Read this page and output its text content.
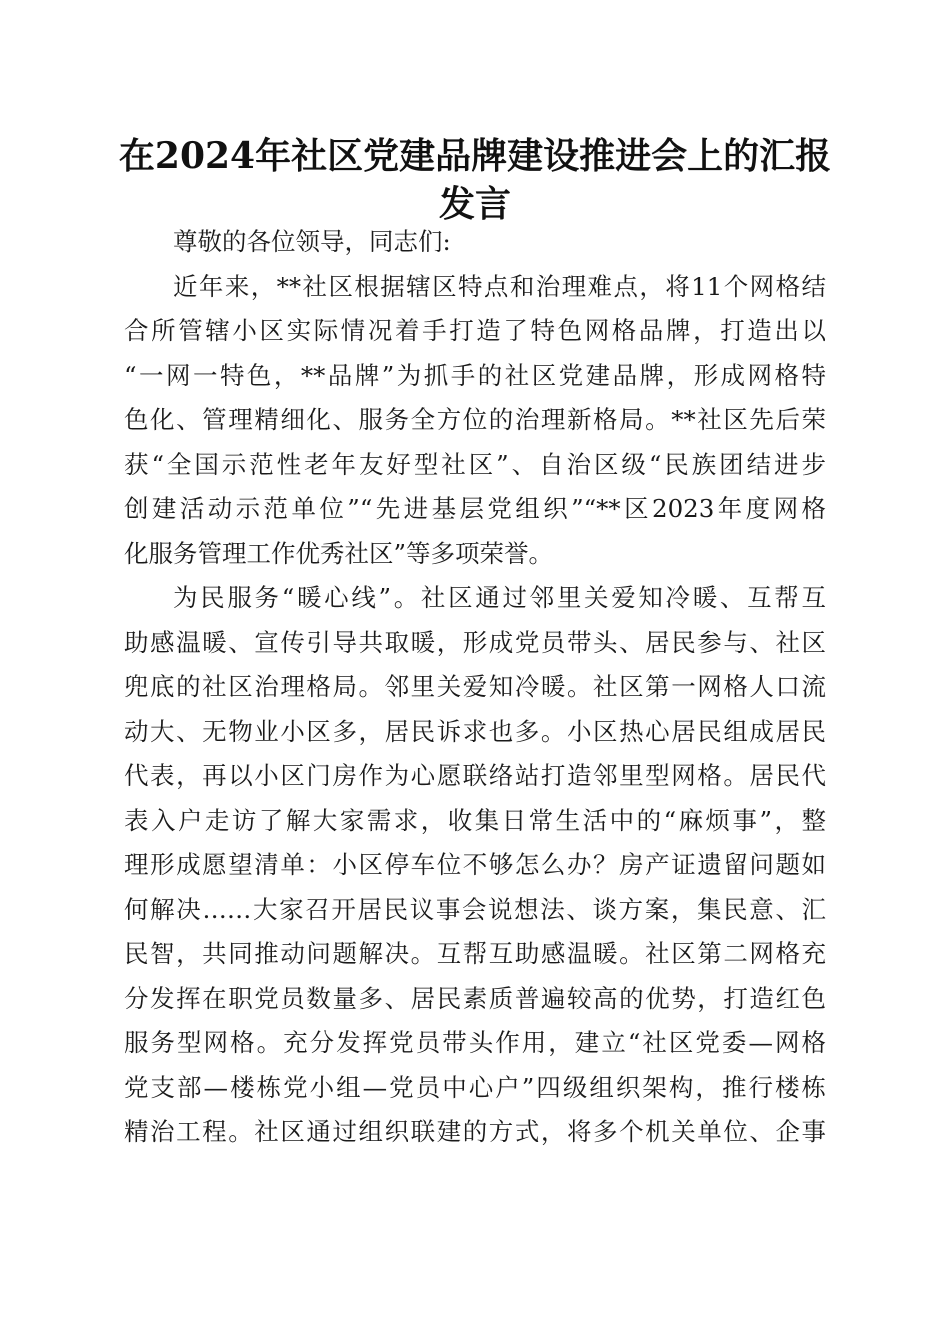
在2024年社区党建品牌建设推进会上的汇报
发言
尊敬的各位领导，同志们:
近年来，**社区根据辖区特点和治理难点，将11个网格结
合所管辖小区实际情况着手打造了特色网格品牌，打造出以
“一网一特色，**品牌”为抓手的社区党建品牌，形成网格特
色化、管理精细化、服务全方位的治理新格局。**社区先后荣
获“全国示范性老年友好型社区”、自治区级“民族团结进步
创建活动示范单位”“先进基层党组织”“**区2023年度网格
化服务管理工作优秀社区”等多项荣誉。
为民服务“暖心线”。社区通过邻里关爱知冷暖、互帮互
助感温暖、宣传引导共取暖，形成党员带头、居民参与、社区
兜底的社区治理格局。邻里关爱知冷暖。社区第一网格人口流
动大、无物业小区多，居民诉求也多。小区热心居民组成居民
代表，再以小区门房作为心愿联络站打造邻里型网格。居民代
表入户走访了解大家需求，收集日常生活中的“麻烦事”，整
理形成愿望清单：小区停车位不够怎么办？房产证遗留问题如
何解决……大家召开居民议事会说想法、谈方案，集民意、汇
民智，共同推动问题解决。互帮互助感温暖。社区第二网格充
分发挥在职党员数量多、居民素质普遍较高的优势，打造红色
服务型网格。充分发挥党员带头作用，建立“社区党委—网格
党支部—楼栋党小组—党员中心户”四级组织架构，推行楼栋
精治工程。社区通过组织联建的方式，将多个机关单位、企事
